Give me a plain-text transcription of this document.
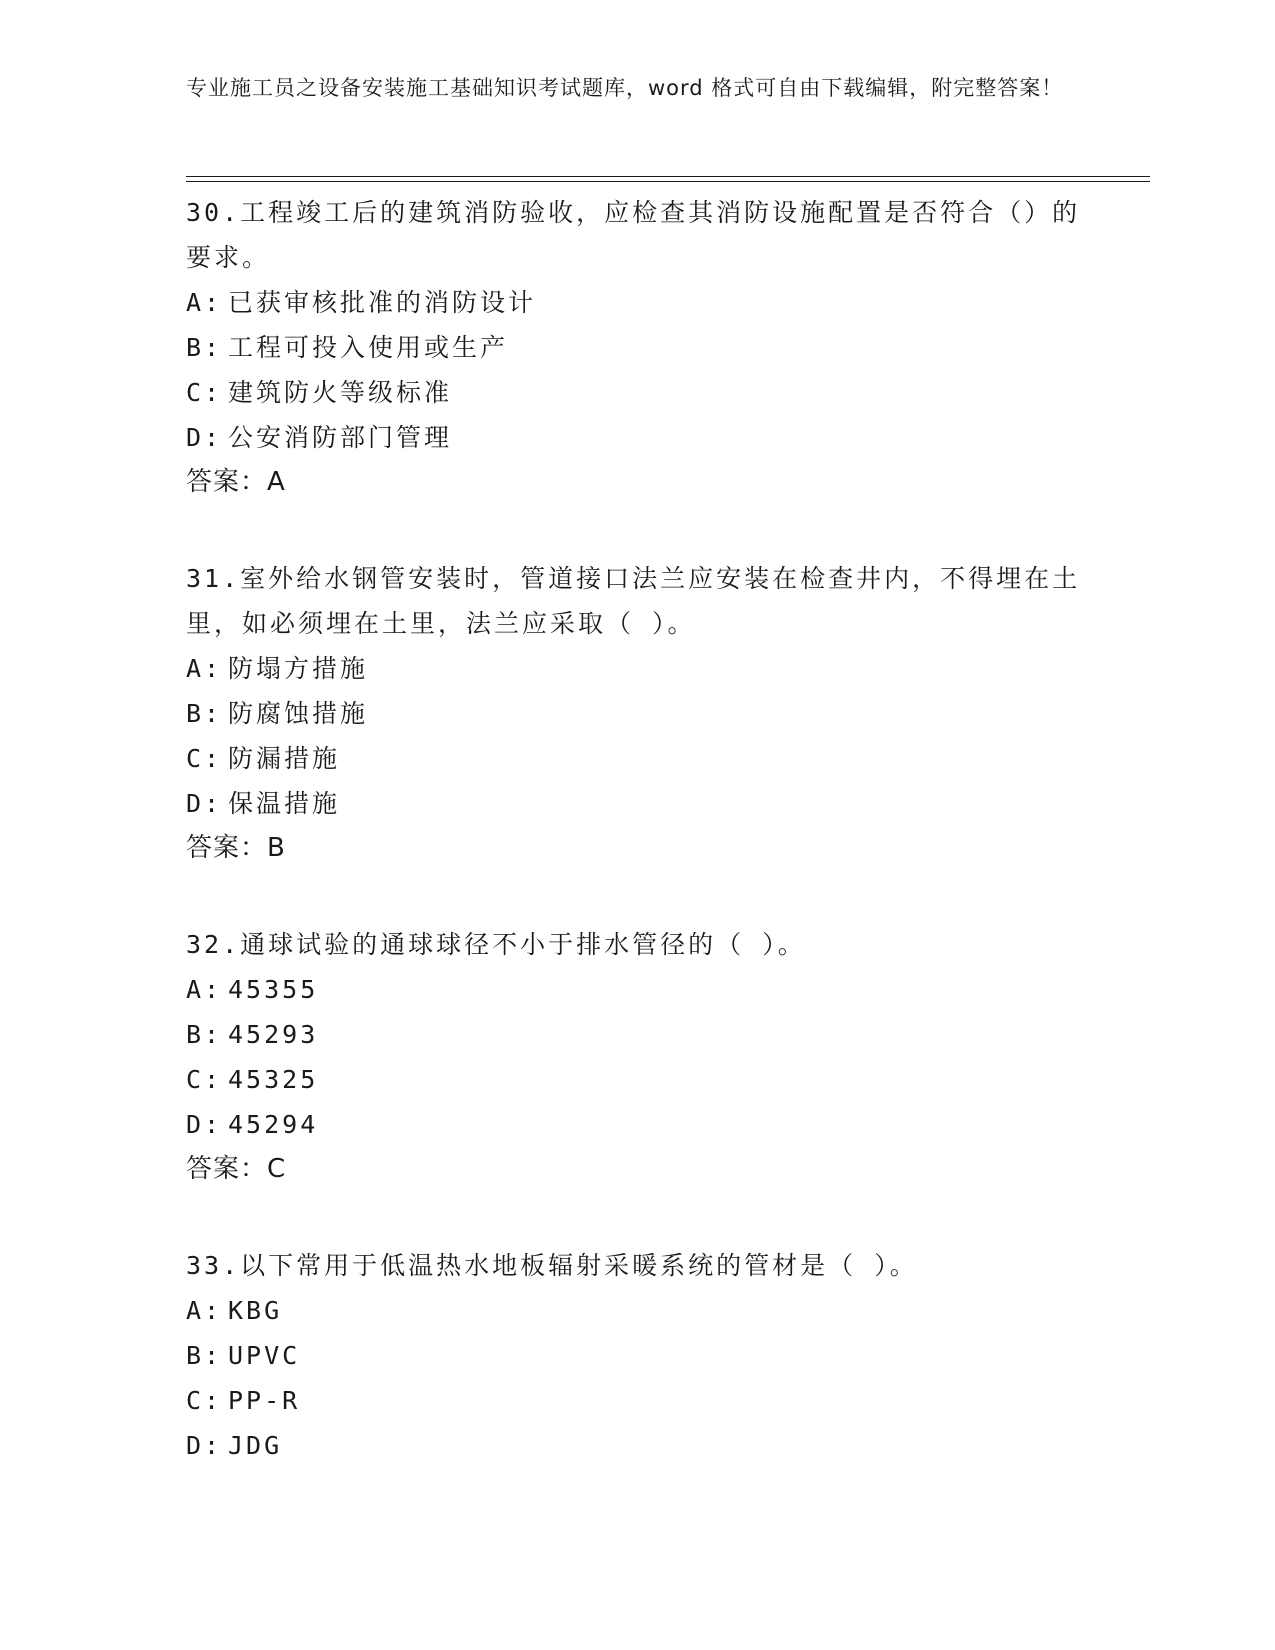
专业施工员之设备安装施工基础知识考试题库，word 格式可自由下载编辑，附完整答案！

30.工程竣工后的建筑消防验收，应检查其消防设施配置是否符合（）的要求。

A: 已获审核批准的消防设计

B: 工程可投入使用或生产

C: 建筑防火等级标准

D: 公安消防部门管理

答案：A

31.室外给水钢管安装时，管道接口法兰应安装在检查井内，不得埋在土里，如必须埋在土里，法兰应采取（ ）。

A: 防塌方措施

B: 防腐蚀措施

C: 防漏措施

D: 保温措施

答案：B

32.通球试验的通球球径不小于排水管径的（ ）。

A: 45355

B: 45293

C: 45325

D: 45294

答案：C

33.以下常用于低温热水地板辐射采暖系统的管材是（ ）。

A: KBG

B: UPVC

C: PP-R

D: JDG
